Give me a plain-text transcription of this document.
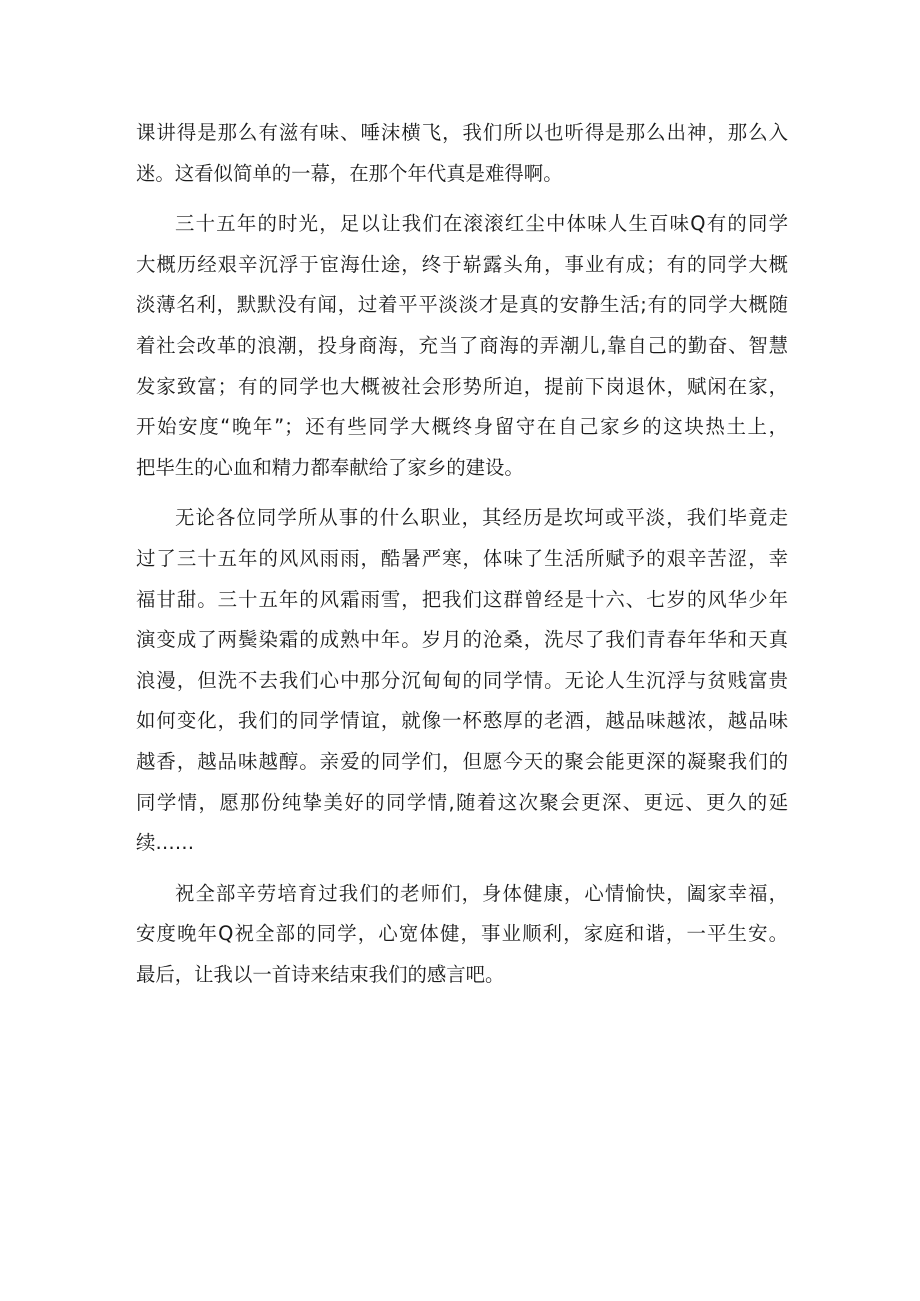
课讲得是那么有滋有味、唾沫横飞，我们所以也听得是那么出神，那么入
迷。这看似简单的一幕，在那个年代真是难得啊。
三十五年的时光，足以让我们在滚滚红尘中体味人生百味Q有的同学
大概历经艰辛沉浮于宦海仕途，终于崭露头角，事业有成；有的同学大概
淡薄名利，默默没有闻，过着平平淡淡才是真的安静生活;有的同学大概随
着社会改革的浪潮，投身商海，充当了商海的弄潮儿,靠自己的勤奋、智慧
发家致富；有的同学也大概被社会形势所迫，提前下岗退休，赋闲在家，
开始安度“晚年”；还有些同学大概终身留守在自己家乡的这块热土上，
把毕生的心血和精力都奉献给了家乡的建设。
无论各位同学所从事的什么职业，其经历是坎坷或平淡，我们毕竟走
过了三十五年的风风雨雨，酷暑严寒，体味了生活所赋予的艰辛苦涩，幸
福甘甜。三十五年的风霜雨雪，把我们这群曾经是十六、七岁的风华少年
演变成了两鬓染霜的成熟中年。岁月的沧桑，洗尽了我们青春年华和天真
浪漫，但洗不去我们心中那分沉甸甸的同学情。无论人生沉浮与贫贱富贵
如何变化，我们的同学情谊，就像一杯憨厚的老酒，越品味越浓，越品味
越香，越品味越醇。亲爱的同学们，但愿今天的聚会能更深的凝聚我们的
同学情，愿那份纯挚美好的同学情,随着这次聚会更深、更远、更久的延
续……
祝全部辛劳培育过我们的老师们，身体健康，心情愉快，阖家幸福，
安度晚年Q祝全部的同学，心宽体健，事业顺利，家庭和谐，一平生安。
最后，让我以一首诗来结束我们的感言吧。
